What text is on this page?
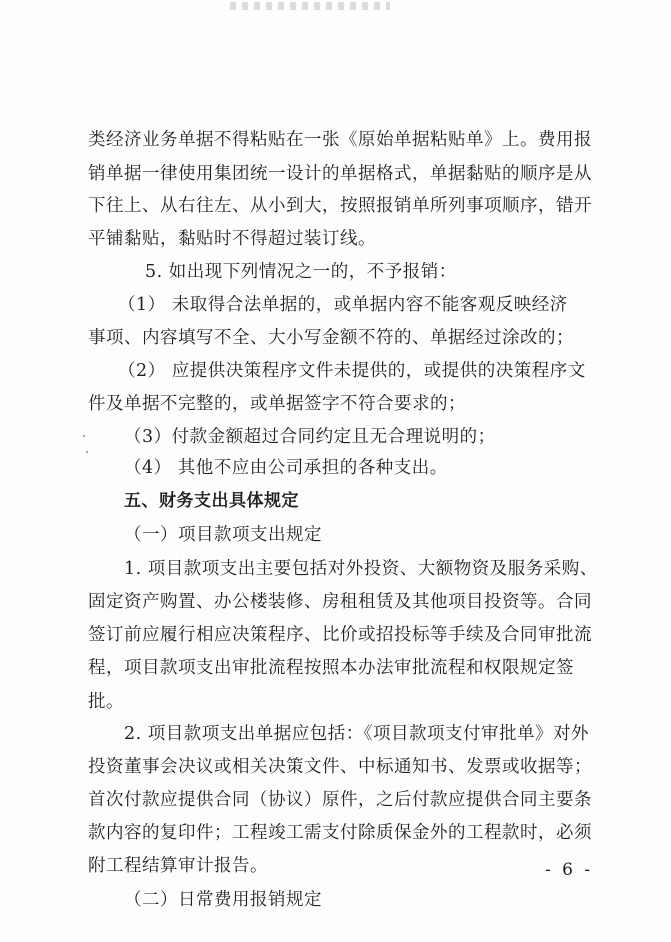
类经济业务单据不得粘贴在一张《原始单据粘贴单》上。费用报
销单据一律使用集团统一设计的单据格式，单据黏贴的顺序是从
下往上、从右往左、从小到大，按照报销单所列事项顺序，错开
平铺黏贴，黏贴时不得超过装订线。
5. 如出现下列情况之一的，不予报销：
（1） 未取得合法单据的，或单据内容不能客观反映经济
事项、内容填写不全、大小写金额不符的、单据经过涂改的；
（2） 应提供决策程序文件未提供的，或提供的决策程序文
件及单据不完整的，或单据签字不符合要求的；
（3）付款金额超过合同约定且无合理说明的；
（4） 其他不应由公司承担的各种支出。
五、财务支出具体规定
（一）项目款项支出规定
1. 项目款项支出主要包括对外投资、大额物资及服务采购、
固定资产购置、办公楼装修、房租租赁及其他项目投资等。合同
签订前应履行相应决策程序、比价或招投标等手续及合同审批流
程，项目款项支出审批流程按照本办法审批流程和权限规定签
批。
2. 项目款项支出单据应包括：《项目款项支付审批单》对外
投资董事会决议或相关决策文件、中标通知书、发票或收据等；
首次付款应提供合同（协议）原件，之后付款应提供合同主要条
款内容的复印件；工程竣工需支付除质保金外的工程款时，必须
附工程结算审计报告。
（二）日常费用报销规定
- 6 -
